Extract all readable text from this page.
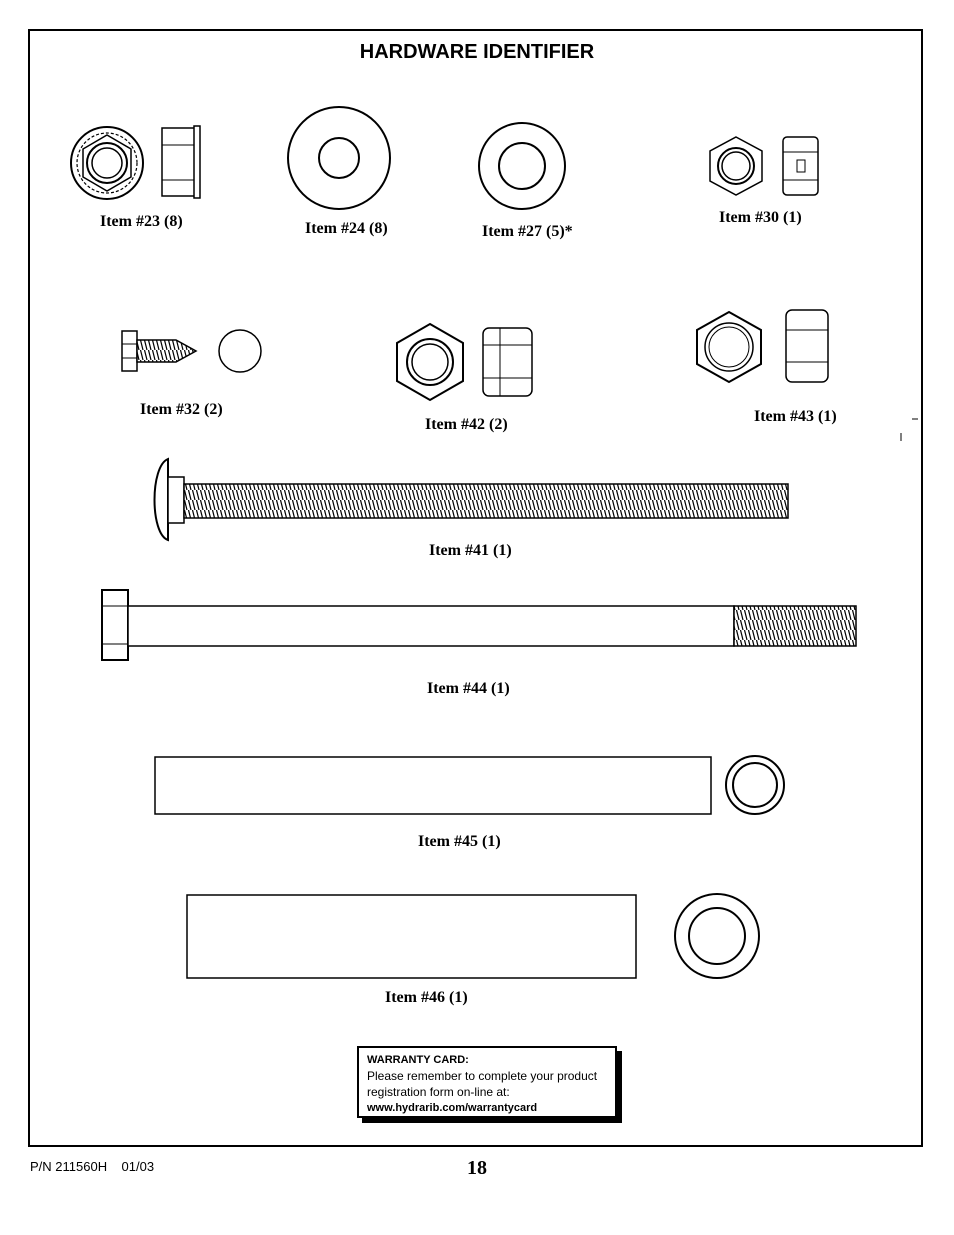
HARDWARE IDENTIFIER
Item #23 (8)	Item #24 (8)	Item #27 (5)*
Item #30 (1)
Item #32 (2)
Item #42 (2)	Item #43 (1)
Item #41 (1)
Item #44 (1)
Item #45 (1)
Item #46 (1)
WARRANTY CARD:
Please remember to complete your product
registration form on-line at:
www.hydrarib.com/warrantycard
P/N 211560H 01/03	18
